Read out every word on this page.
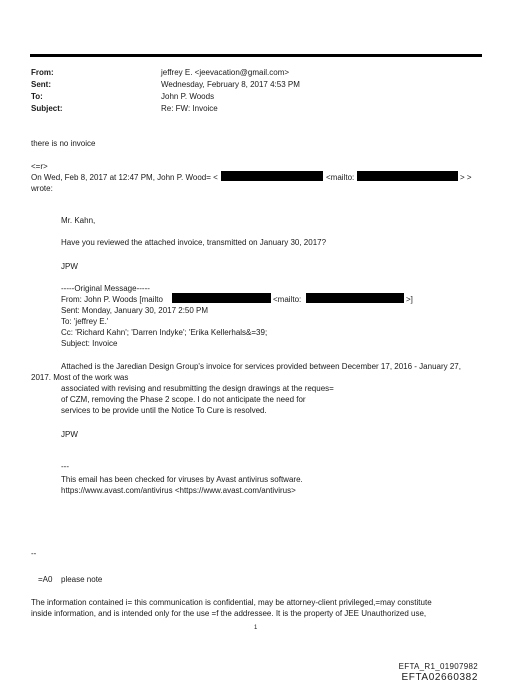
From:	jeffrey E. <jeevacation@gmail.com>
Sent:	Wednesday, February 8, 2017 4:53 PM
To:	John P. Woods
Subject:	Re: FW: Invoice
there is no invoice
<=r>
On Wed, Feb 8, 2017 at 12:47 PM, John P. Wood= <	<mailto:	> >
wrote:
Mr. Kahn,
Have you reviewed the attached invoice, transmitted on January 30, 2017?
JPW
-----Original Message-----
From: John P. Woods [mailto	<mailto:	>]
Sent: Monday, January 30, 2017 2:50 PM
To: 'jeffrey E.'
Cc: 'Richard Kahn'; 'Darren Indyke'; 'Erika Kellerhals&=39;
Subject: Invoice
Attached is the Jaredian Design Group's invoice for services provided between December 17, 2016 - January 27,
2017. Most of the work was
associated with revising and resubmitting the design drawings at the reques=
of CZM, removing the Phase 2 scope. I do not anticipate the need for
services to be provide until the Notice To Cure is resolved.
JPW
---
This email has been checked for viruses by Avast antivirus software.
https://www.avast.com/antivirus <https://www.avast.com/antivirus>
--
=A0 please note
The information contained i= this communication is confidential, may be attorney-client privileged,=may constitute
inside information, and is intended only for the use =f the addressee. It is the property of JEE Unauthorized use,
1
EFTA_R1_01907982
EFTA02660382
